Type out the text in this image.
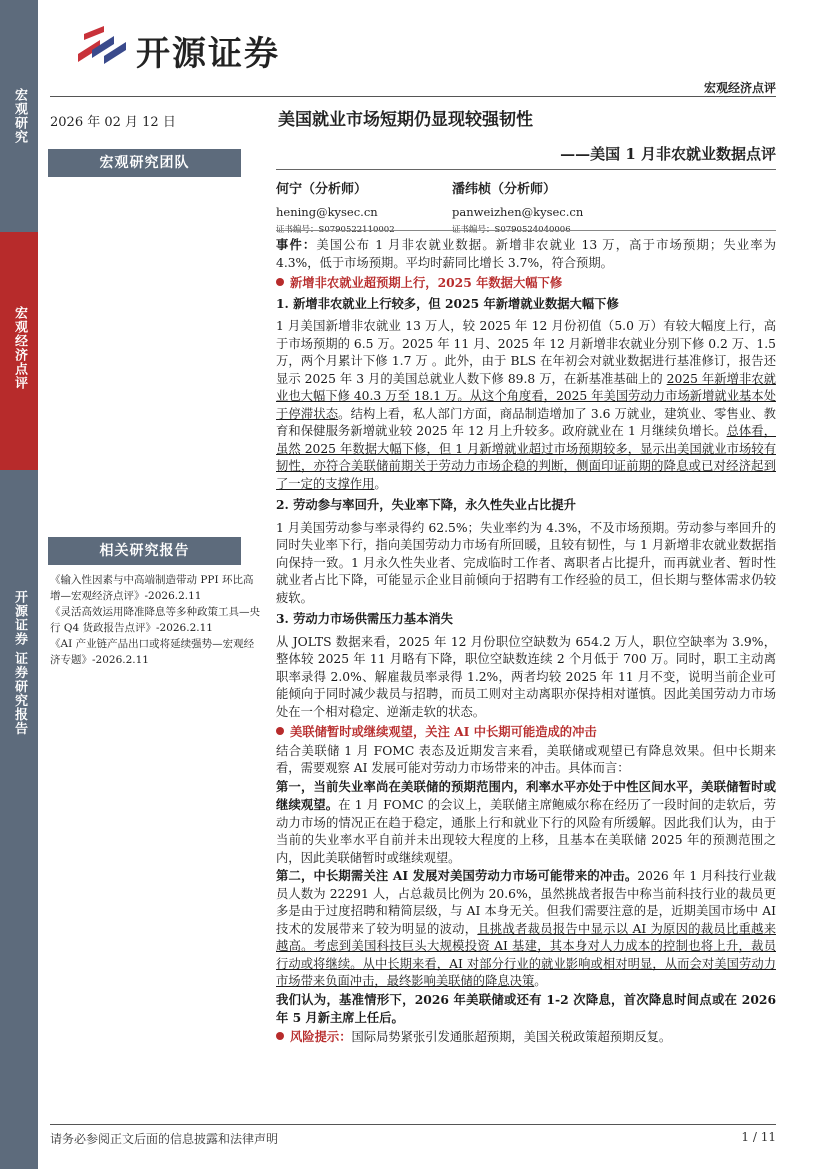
开源证券
宏观经济点评
宏观研究
宏观经济点评
开源证券 证券研究报告
2026 年 02 月 12 日
宏观研究团队
相关研究报告
《输入性因素与中高端制造带动 PPI 环比高增—宏观经济点评》-2026.2.11
《灵活高效运用降准降息等多种政策工具—央行 Q4 货政报告点评》-2026.2.11
《AI 产业链产品出口或将延续强势—宏观经济专题》-2026.2.11
美国就业市场短期仍显现较强韧性
——美国 1 月非农就业数据点评
何宁（分析师）
hening@kysec.cn
证书编号：S0790522110002
潘纬桢（分析师）
panweizhen@kysec.cn
证书编号：S0790524040006

事件：美国公布 1 月非农就业数据。新增非农就业 13 万，高于市场预期；失业率为 4.3%，低于市场预期。平均时薪同比增长 3.7%，符合预期。

新增非农就业超预期上行，2025 年数据大幅下修

1. 新增非农就业上行较多，但 2025 年新增就业数据大幅下修

1 月美国新增非农就业 13 万人，较 2025 年 12 月份初值（5.0 万）有较大幅度上行，高于市场预期的 6.5 万。2025 年 11 月、2025 年 12 月新增非农就业分别下修 0.2 万、1.5 万，两个月累计下修 1.7 万 。此外，由于 BLS 在年初会对就业数据进行基准修订，报告还显示 2025 年 3 月的美国总就业人数下修 89.8 万，在新基准基础上的 2025 年新增非农就业也大幅下修 40.3 万至 18.1 万。从这个角度看，2025 年美国劳动力市场新增就业基本处于停滞状态。结构上看，私人部门方面，商品制造增加了 3.6 万就业，建筑业、零售业、教育和保健服务新增就业较 2025 年 12 月上升较多。政府就业在 1 月继续负增长。总体看，虽然 2025 年数据大幅下修，但 1 月新增就业超过市场预期较多，显示出美国就业市场较有韧性，亦符合美联储前期关于劳动力市场企稳的判断，侧面印证前期的降息或已对经济起到了一定的支撑作用。

2. 劳动参与率回升，失业率下降，永久性失业占比提升

1 月美国劳动参与率录得约 62.5%；失业率约为 4.3%，不及市场预期。劳动参与率回升的同时失业率下行，指向美国劳动力市场有所回暖，且较有韧性，与 1 月新增非农就业数据指向保持一致。1 月永久性失业者、完成临时工作者、离职者占比提升，而再就业者、暂时性就业者占比下降，可能显示企业目前倾向于招聘有工作经验的员工，但长期与整体需求仍较疲软。

3. 劳动力市场供需压力基本消失

从 JOLTS 数据来看，2025 年 12 月份职位空缺数为 654.2 万人，职位空缺率为 3.9%，整体较 2025 年 11 月略有下降，职位空缺数连续 2 个月低于 700 万。同时，职工主动离职率录得 2.0%、解雇裁员率录得 1.2%，两者均较 2025 年 11 月不变，说明当前企业可能倾向于同时减少裁员与招聘，而员工则对主动离职亦保持相对谨慎。因此美国劳动力市场处在一个相对稳定、逆渐走软的状态。

美联储暂时或继续观望，关注 AI 中长期可能造成的冲击

结合美联储 1 月 FOMC 表态及近期发言来看，美联储或观望已有降息效果。但中长期来看，需要观察 AI 发展可能对劳动力市场带来的冲击。具体而言：

第一，当前失业率尚在美联储的预期范围内，利率水平亦处于中性区间水平，美联储暂时或继续观望。在 1 月 FOMC 的会议上，美联储主席鲍威尔称在经历了一段时间的走软后，劳动力市场的情况正在趋于稳定，通胀上行和就业下行的风险有所缓解。因此我们认为，由于当前的失业率水平自前并未出现较大程度的上移，且基本在美联储 2025 年的预测范围之内，因此美联储暂时或继续观望。

第二，中长期需关注 AI 发展对美国劳动力市场可能带来的冲击。2026 年 1 月科技行业裁员人数为 22291 人，占总裁员比例为 20.6%，虽然挑战者报告中称当前科技行业的裁员更多是由于过度招聘和精简层级，与 AI 本身无关。但我们需要注意的是，近期美国市场中 AI 技术的发展带来了较为明显的波动，且挑战者裁员报告中显示以 AI 为原因的裁员比重越来越高。考虑到美国科技巨头大规模投资 AI 基建，其本身对人力成本的控制也将上升，裁员行动或将继续。从中长期来看，AI 对部分行业的就业影响或相对明显，从而会对美国劳动力市场带来负面冲击，最终影响美联储的降息决策。

我们认为，基准情形下，2026 年美联储或还有 1-2 次降息，首次降息时间点或在 2026 年 5 月新主席上任后。

风险提示：国际局势紧张引发通胀超预期，美国关税政策超预期反复。

请务必参阅正文后面的信息披露和法律声明	1 / 11
